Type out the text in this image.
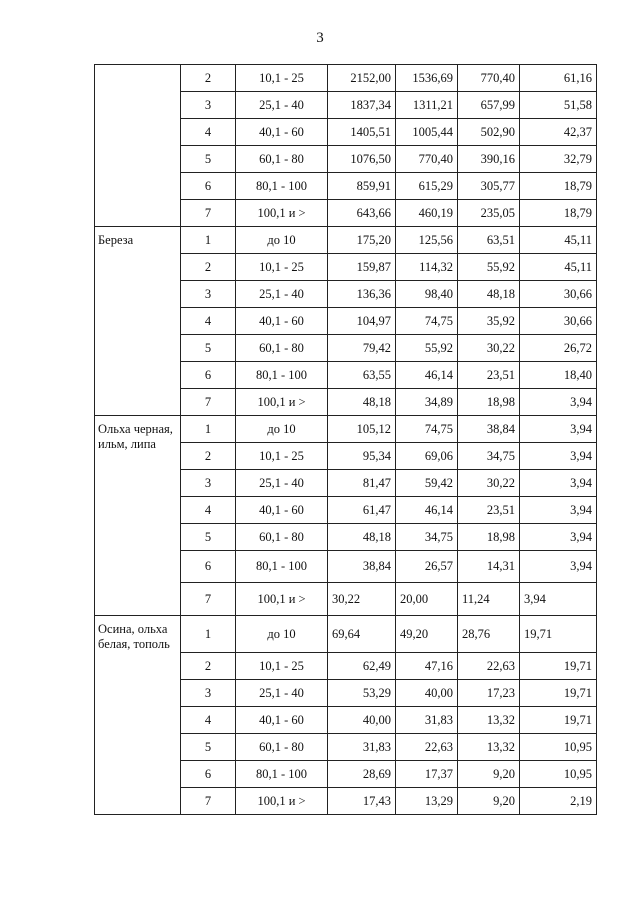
3
	2	10,1 - 25	2152,00	1536,69	770,40	61,16
	3	25,1 - 40	1837,34	1311,21	657,99	51,58
	4	40,1 - 60	1405,51	1005,44	502,90	42,37
	5	60,1 - 80	1076,50	770,40	390,16	32,79
	6	80,1 - 100	859,91	615,29	305,77	18,79
	7	100,1 и >	643,66	460,19	235,05	18,79
Береза	1	до 10	175,20	125,56	63,51	45,11
	2	10,1 - 25	159,87	114,32	55,92	45,11
	3	25,1 - 40	136,36	98,40	48,18	30,66
	4	40,1 - 60	104,97	74,75	35,92	30,66
	5	60,1 - 80	79,42	55,92	30,22	26,72
	6	80,1 - 100	63,55	46,14	23,51	18,40
	7	100,1 и >	48,18	34,89	18,98	3,94
Ольха черная, ильм, липа	1	до 10	105,12	74,75	38,84	3,94
	2	10,1 - 25	95,34	69,06	34,75	3,94
	3	25,1 - 40	81,47	59,42	30,22	3,94
	4	40,1 - 60	61,47	46,14	23,51	3,94
	5	60,1 - 80	48,18	34,75	18,98	3,94
	6	80,1 - 100	38,84	26,57	14,31	3,94
	7	100,1 и >	30,22	20,00	11,24	3,94
Осина, ольха белая, тополь	1	до 10	69,64	49,20	28,76	19,71
	2	10,1 - 25	62,49	47,16	22,63	19,71
	3	25,1 - 40	53,29	40,00	17,23	19,71
	4	40,1 - 60	40,00	31,83	13,32	19,71
	5	60,1 - 80	31,83	22,63	13,32	10,95
	6	80,1 - 100	28,69	17,37	9,20	10,95
	7	100,1 и >	17,43	13,29	9,20	2,19
